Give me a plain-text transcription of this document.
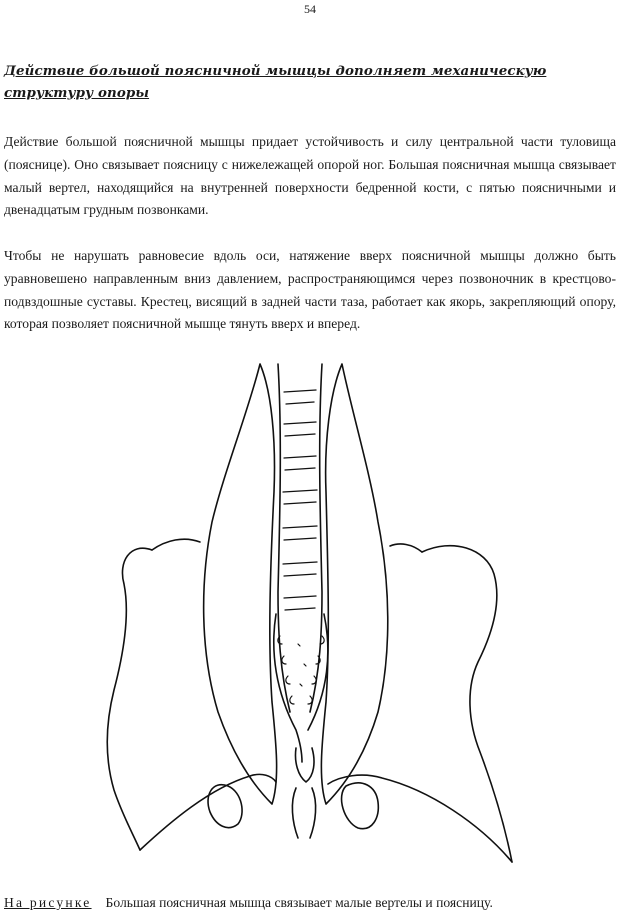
54
Действие большой поясничной мышцы дополняет механическую структуру опоры

Действие большой поясничной мышцы придает устойчивость и силу центральной части туловища (пояснице). Оно связывает поясницу с нижележащей опорой ног. Большая поясничная мышца связывает малый вертел, находящийся на внутренней поверхности бедренной кости, с пятью поясничными и двенадцатым грудным позвонками.

Чтобы не нарушать равновесие вдоль оси, натяжение вверх поясничной мышцы должно быть уравновешено направленным вниз давлением, распространяющимся через позвоночник в крестцово-подвздошные суставы. Крестец, висящий в задней части таза, работает как якорь, закрепляющий опору, которая позволяет поясничной мышце тянуть вверх и вперед.

На рисунке Большая поясничная мышца связывает малые вертелы и поясницу.
